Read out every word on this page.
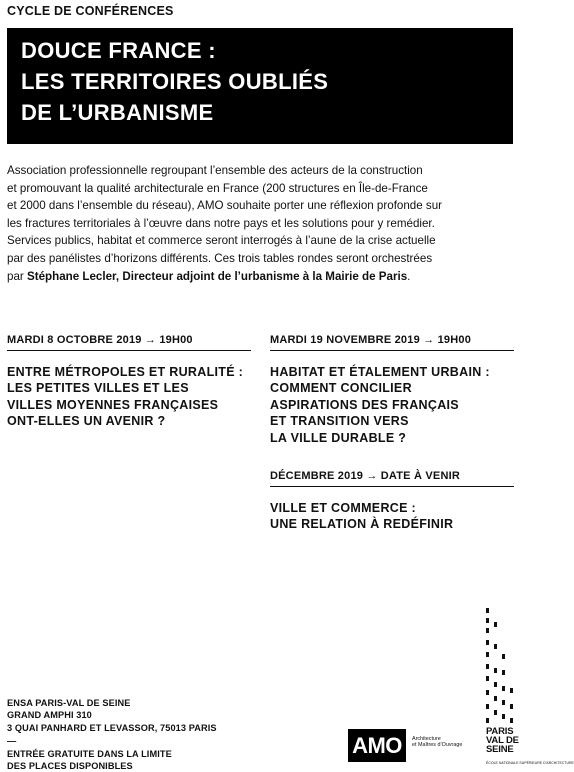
CYCLE DE CONFÉRENCES
DOUCE FRANCE :
LES TERRITOIRES OUBLIÉS
DE L’URBANISME
Association professionnelle regroupant l’ensemble des acteurs de la construction
et promouvant la qualité architecturale en France (200 structures en Île-de-France
et 2000 dans l’ensemble du réseau), AMO souhaite porter une réflexion profonde sur
les fractures territoriales à l’œuvre dans notre pays et les solutions pour y remédier.
Services publics, habitat et commerce seront interrogés à l’aune de la crise actuelle
par des panélistes d’horizons différents. Ces trois tables rondes seront orchestrées
par Stéphane Lecler, Directeur adjoint de l’urbanisme à la Mairie de Paris.
MARDI 8 OCTOBRE 2019 → 19H00
ENTRE MÉTROPOLES ET RURALITÉ :
LES PETITES VILLES ET LES
VILLES MOYENNES FRANÇAISES
ONT-ELLES UN AVENIR ?
MARDI 19 NOVEMBRE 2019 → 19H00
HABITAT ET ÉTALEMENT URBAIN :
COMMENT CONCILIER
ASPIRATIONS DES FRANÇAIS
ET TRANSITION VERS
LA VILLE DURABLE ?
DÉCEMBRE 2019 → DATE À VENIR
VILLE ET COMMERCE :
UNE RELATION À REDÉFINIR
ENSA PARIS-VAL DE SEINE
GRAND AMPHI 310
3 QUAI PANHARD ET LEVASSOR, 75013 PARIS
—
ENTRÉE GRATUITE DANS LA LIMITE
DES PLACES DISPONIBLES
AMO Architecture
et Maîtres d’Ouvrage
PARIS
VAL DE
SEINE
ÉCOLE NATIONALE SUPÉRIEURE D’ARCHITECTURE
